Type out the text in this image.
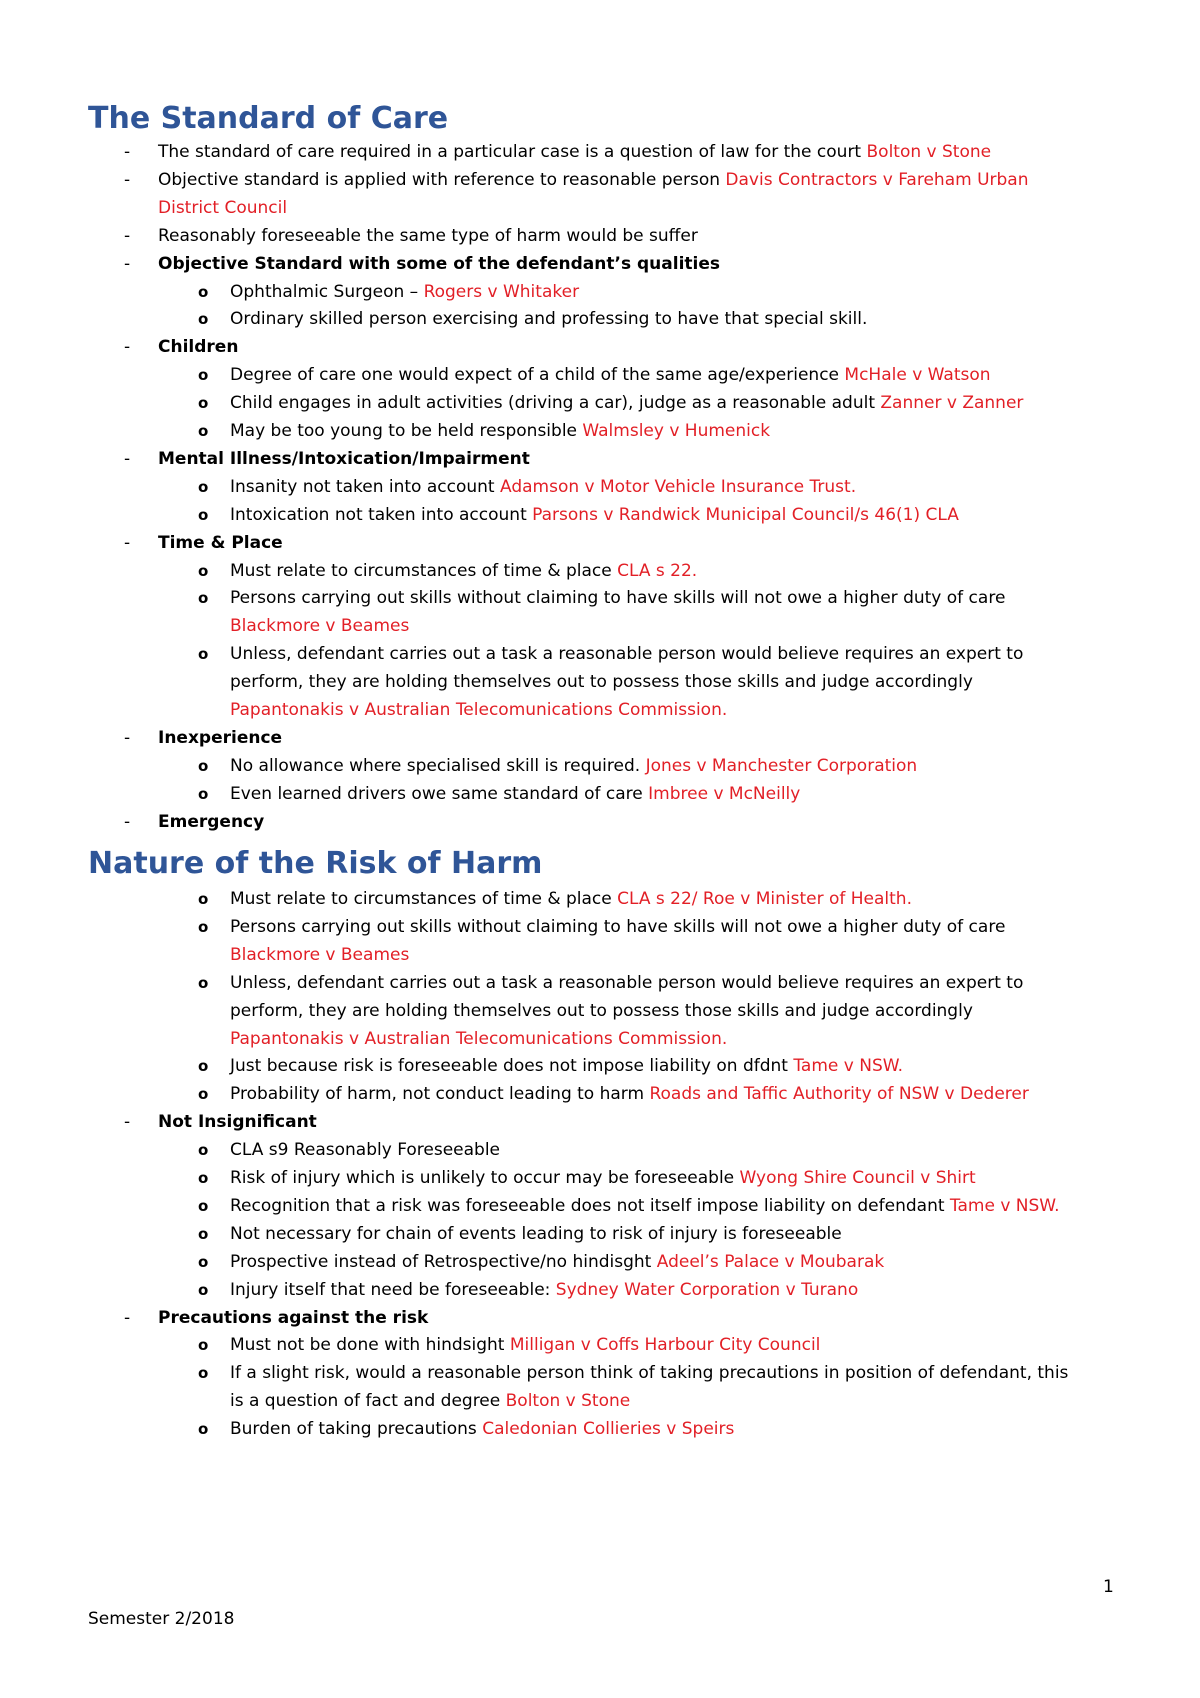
The Standard of Care
- The standard of care required in a particular case is a question of law for the court Bolton v Stone
- Objective standard is applied with reference to reasonable person Davis Contractors v Fareham Urban
District Council
- Reasonably foreseeable the same type of harm would be suffer
- Objective Standard with some of the defendant’s qualities
o Ophthalmic Surgeon – Rogers v Whitaker
o Ordinary skilled person exercising and professing to have that special skill.
- Children
o Degree of care one would expect of a child of the same age/experience McHale v Watson
o Child engages in adult activities (driving a car), judge as a reasonable adult Zanner v Zanner
o May be too young to be held responsible Walmsley v Humenick
- Mental Illness/Intoxication/Impairment
o Insanity not taken into account Adamson v Motor Vehicle Insurance Trust.
o Intoxication not taken into account Parsons v Randwick Municipal Council/s 46(1) CLA
- Time & Place
o Must relate to circumstances of time & place CLA s 22.
o Persons carrying out skills without claiming to have skills will not owe a higher duty of care
Blackmore v Beames
o Unless, defendant carries out a task a reasonable person would believe requires an expert to
perform, they are holding themselves out to possess those skills and judge accordingly
Papantonakis v Australian Telecomunications Commission.
- Inexperience
o No allowance where specialised skill is required. Jones v Manchester Corporation
o Even learned drivers owe same standard of care Imbree v McNeilly
- Emergency
Nature of the Risk of Harm
o Must relate to circumstances of time & place CLA s 22/ Roe v Minister of Health.
o Persons carrying out skills without claiming to have skills will not owe a higher duty of care
Blackmore v Beames
o Unless, defendant carries out a task a reasonable person would believe requires an expert to
perform, they are holding themselves out to possess those skills and judge accordingly
Papantonakis v Australian Telecomunications Commission.
o Just because risk is foreseeable does not impose liability on dfdnt Tame v NSW.
o Probability of harm, not conduct leading to harm Roads and Taffic Authority of NSW v Dederer
- Not Insignificant
o CLA s9 Reasonably Foreseeable
o Risk of injury which is unlikely to occur may be foreseeable Wyong Shire Council v Shirt
o Recognition that a risk was foreseeable does not itself impose liability on defendant Tame v NSW.
o Not necessary for chain of events leading to risk of injury is foreseeable
o Prospective instead of Retrospective/no hindisght Adeel’s Palace v Moubarak
o Injury itself that need be foreseeable: Sydney Water Corporation v Turano
- Precautions against the risk
o Must not be done with hindsight Milligan v Coffs Harbour City Council
o If a slight risk, would a reasonable person think of taking precautions in position of defendant, this
is a question of fact and degree Bolton v Stone
o Burden of taking precautions Caledonian Collieries v Speirs
1
Semester 2/2018
